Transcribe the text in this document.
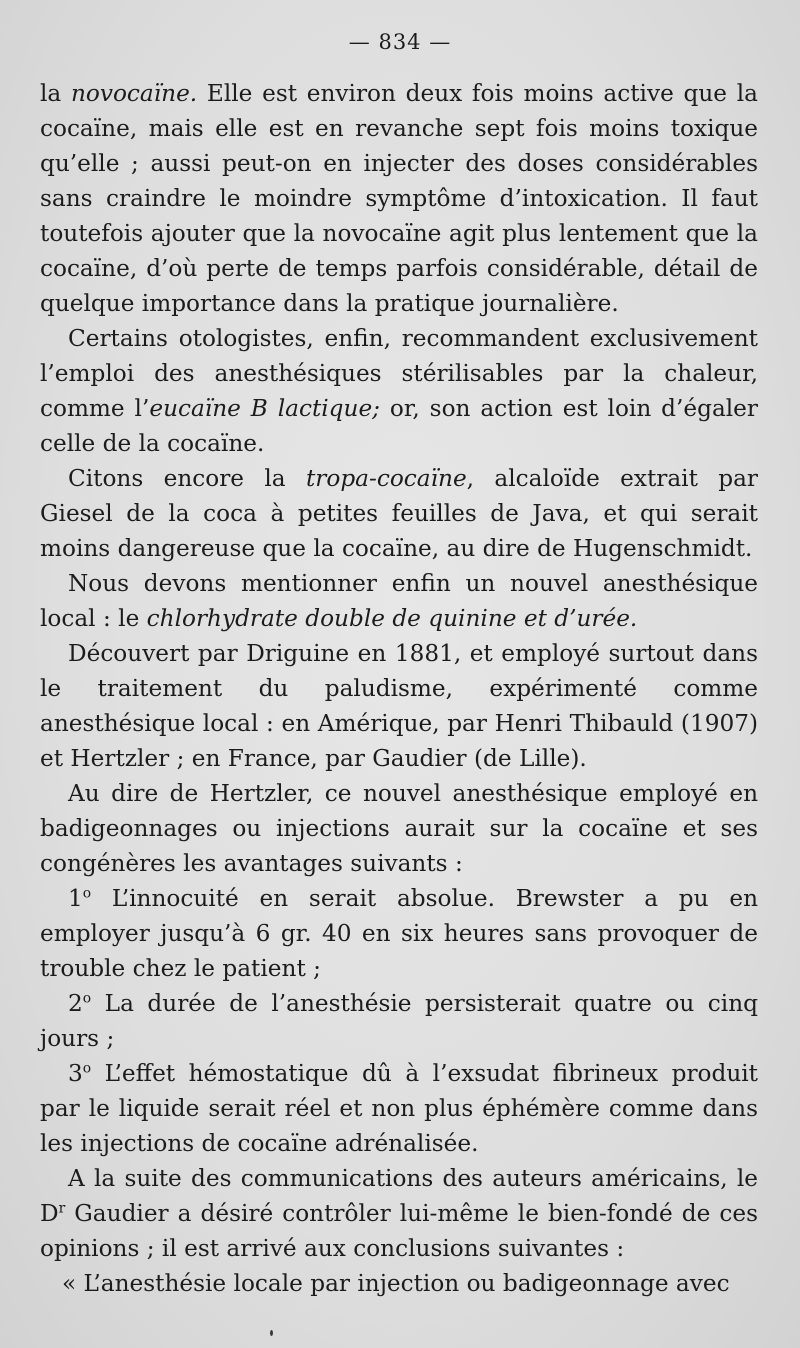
— 834 —

la novocaïne. Elle est environ deux fois moins active que la cocaïne, mais elle est en revanche sept fois moins toxique qu’elle ; aussi peut-on en injecter des doses considérables sans craindre le moindre symptôme d’intoxication. Il faut toutefois ajouter que la novocaïne agit plus lentement que la cocaïne, d’où perte de temps parfois considérable, détail de quelque importance dans la pratique journalière.

Certains otologistes, enfin, recommandent exclusivement l’emploi des anesthésiques stérilisables par la chaleur, comme l’eucaïne B lactique; or, son action est loin d’égaler celle de la cocaïne.

Citons encore la tropa-cocaïne, alcaloïde extrait par Giesel de la coca à petites feuilles de Java, et qui serait moins dangereuse que la cocaïne, au dire de Hugenschmidt.

Nous devons mentionner enfin un nouvel anesthésique local : le chlorhydrate double de quinine et d’urée.

Découvert par Driguine en 1881, et employé surtout dans le traitement du paludisme, expérimenté comme anesthésique local : en Amérique, par Henri Thibauld (1907) et Hertzler ; en France, par Gaudier (de Lille).

Au dire de Hertzler, ce nouvel anesthésique employé en badigeonnages ou injections aurait sur la cocaïne et ses congénères les avantages suivants :

1$^o$ L’innocuité en serait absolue. Brewster a pu en employer jusqu’à 6 gr. 40 en six heures sans provoquer de trouble chez le patient ;

2$^o$ La durée de l’anesthésie persisterait quatre ou cinq jours ;

3$^o$ L’effet hémostatique dû à l’exsudat fibrineux produit par le liquide serait réel et non plus éphémère comme dans les injections de cocaïne adrénalisée.

A la suite des communications des auteurs américains, le $D^r$ Gaudier a désiré contrôler lui-même le bien-fondé de ces opinions ; il est arrivé aux conclusions suivantes :

« L’anesthésie locale par injection ou badigeonnage avec
